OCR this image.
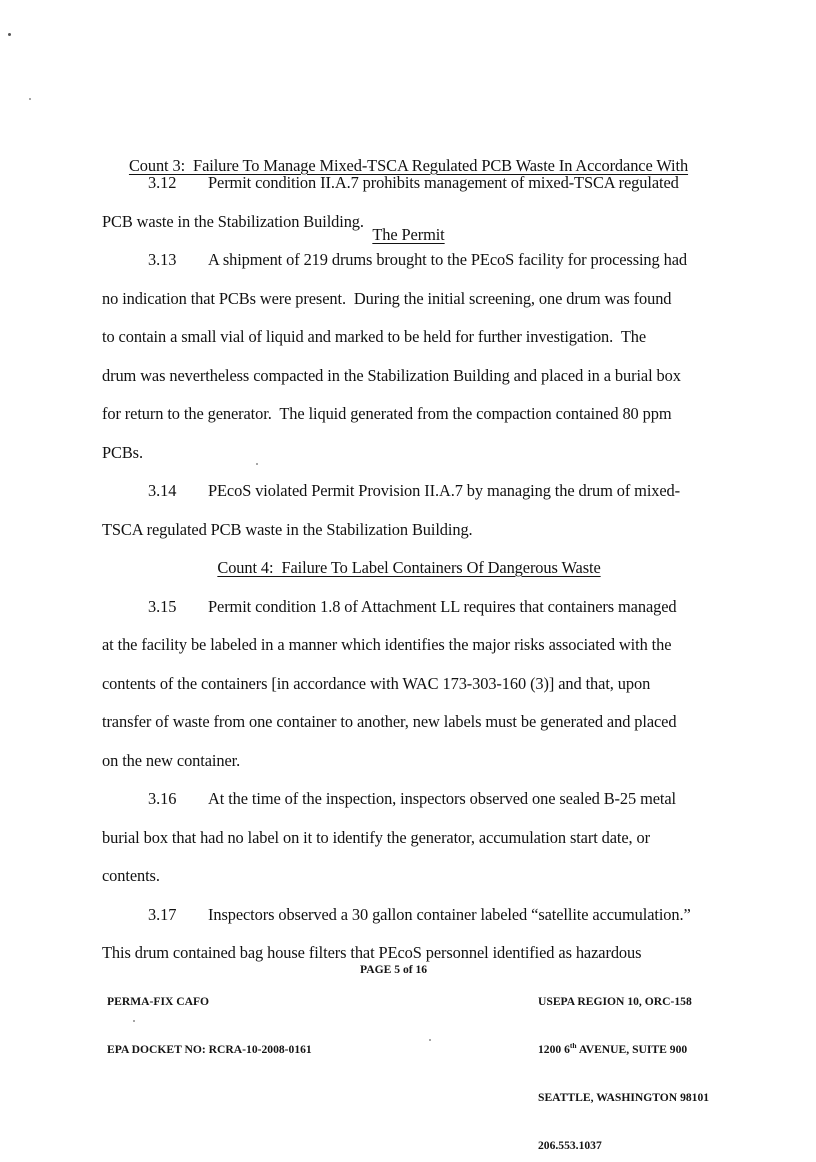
Count 3:  Failure To Manage Mixed-TSCA Regulated PCB Waste In Accordance With

The Permit

3.12 Permit condition II.A.7 prohibits management of mixed-TSCA regulated
PCB waste in the Stabilization Building.
3.13 A shipment of 219 drums brought to the PEcoS facility for processing had
no indication that PCBs were present.  During the initial screening, one drum was found
to contain a small vial of liquid and marked to be held for further investigation.  The
drum was nevertheless compacted in the Stabilization Building and placed in a burial box
for return to the generator.  The liquid generated from the compaction contained 80 ppm
PCBs.
3.14 PEcoS violated Permit Provision II.A.7 by managing the drum of mixed-
TSCA regulated PCB waste in the Stabilization Building.
Count 4:  Failure To Label Containers Of Dangerous Waste
3.15 Permit condition 1.8 of Attachment LL requires that containers managed
at the facility be labeled in a manner which identifies the major risks associated with the
contents of the containers [in accordance with WAC 173-303-160 (3)] and that, upon
transfer of waste from one container to another, new labels must be generated and placed
on the new container.
3.16 At the time of the inspection, inspectors observed one sealed B-25 metal
burial box that had no label on it to identify the generator, accumulation start date, or
contents.
3.17 Inspectors observed a 30 gallon container labeled “satellite accumulation.”
This drum contained bag house filters that PEcoS personnel identified as hazardous

PERMA-FIX CAFO

EPA DOCKET NO: RCRA-10-2008-0161

PAGE 5 of 16

USEPA REGION 10, ORC-158

1200 6th AVENUE, SUITE 900

SEATTLE, WASHINGTON 98101

206.553.1037
